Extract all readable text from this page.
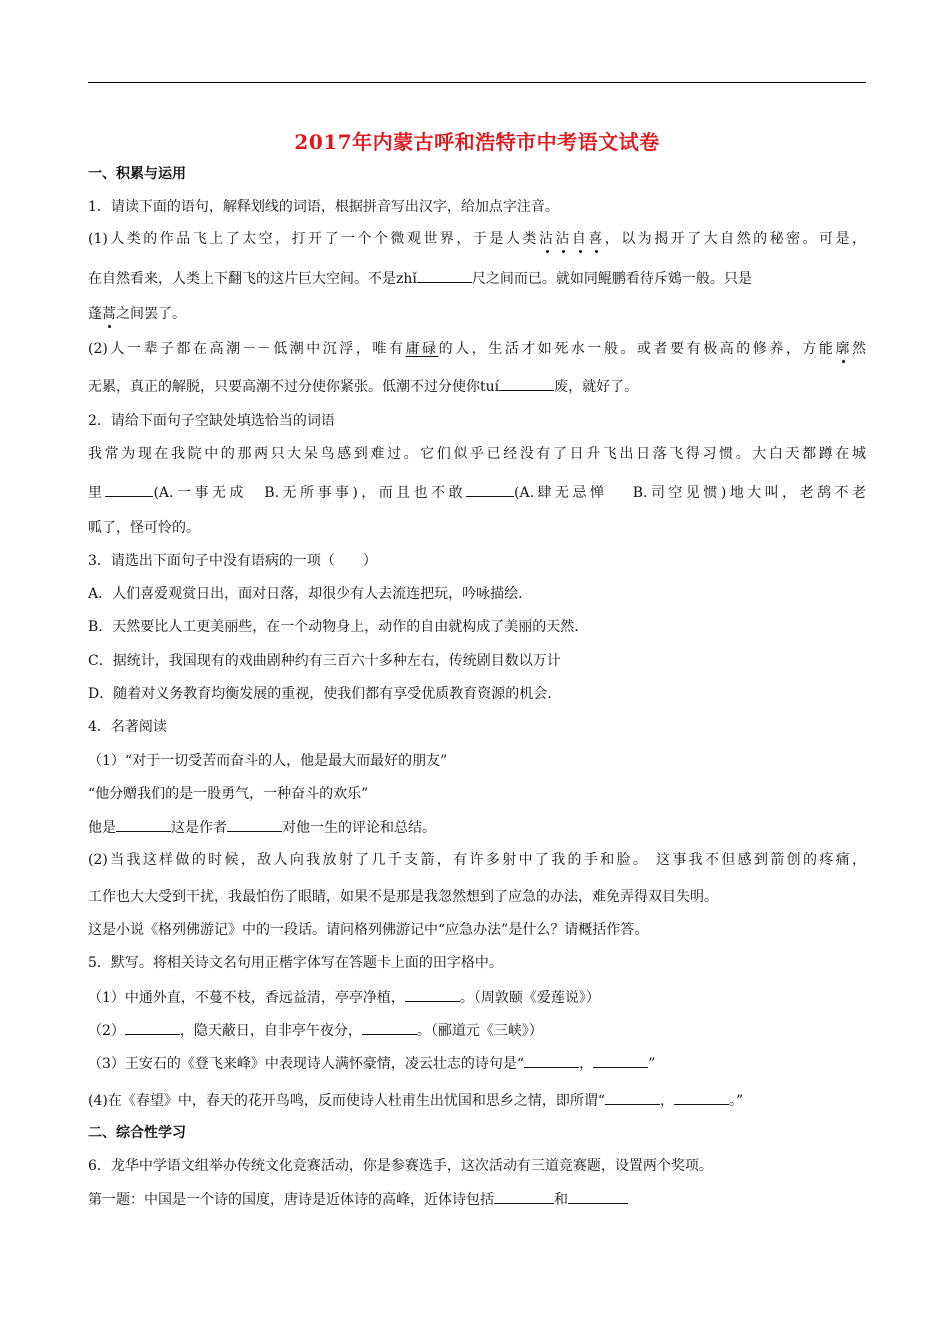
2017年内蒙古呼和浩特市中考语文试卷
一、积累与运用
1．请读下面的语句，解释划线的词语，根据拼音写出汉字，给加点字注音。
(1)人类的作品飞上了太空，打开了一个个微观世界，于是人类沾沾自喜，以为揭开了大自然的秘密。可是，
在自然看来，人类上下翻飞的这片巨大空间。不是zhǐ	尺之间而已。就如同鲲鹏看待斥鴳一般。只是
蓬蒿之间罢了。
(2)人一辈子都在高潮－－低潮中沉浮，唯有庸碌的人，生活才如死水一般。或者要有极高的修养，方能廓然
无累，真正的解脱，只要高潮不过分使你紧张。低潮不过分使你tuí	废，就好了。
2．请给下面句子空缺处填选恰当的词语
我常为现在我院中的那两只大呆鸟感到难过。它们似乎已经没有了日升飞出日落飞得习惯。大白天都蹲在城
里	(A.一事无成　B.无所事事)，而且也不敢	(A.肆无忌惮　 B.司空见惯)地大叫，老鸹不老
呱了，怪可怜的。
3．请选出下面句子中没有语病的一项（　　）
A．人们喜爱观赏日出，面对日落，却很少有人去流连把玩，吟咏描绘.
B．天然要比人工更美丽些，在一个动物身上，动作的自由就构成了美丽的天然.
C．据统计，我国现有的戏曲剧种约有三百六十多种左右，传统剧目数以万计
D．随着对义务教育均衡发展的重视，使我们都有享受优质教育资源的机会.
4．名著阅读
（1）“对于一切受苦而奋斗的人，他是最大而最好的朋友”
“他分赠我们的是一股勇气，一种奋斗的欢乐”
他是	这是作者	对他一生的评论和总结。
(2)当我这样做的时候，敌人向我放射了几千支箭，有许多射中了我的手和脸。 这事我不但感到箭创的疼痛，
工作也大大受到干扰，我最怕伤了眼睛，如果不是那是我忽然想到了应急的办法，难免弄得双目失明。
这是小说《格列佛游记》中的一段话。请问格列佛游记中“应急办法”是什么？请概括作答。
5．默写。将相关诗文名句用正楷字体写在答题卡上面的田字格中。
（1）中通外直，不蔓不枝，香远益清，亭亭净植，	。（周敦颐《爱莲说》）
（2）	，隐天蔽日，自非亭午夜分，	。（郦道元《三峡》）
（3）王安石的《登飞来峰》中表现诗人满怀豪情，凌云壮志的诗句是“	，	”
(4)在《春望》中，春天的花开鸟鸣，反而使诗人杜甫生出忧国和思乡之情，即所谓“	，	。”
二、综合性学习
6．龙华中学语文组举办传统文化竞赛活动，你是参赛选手，这次活动有三道竞赛题，设置两个奖项。
第一题：中国是一个诗的国度，唐诗是近体诗的高峰，近体诗包括	和
